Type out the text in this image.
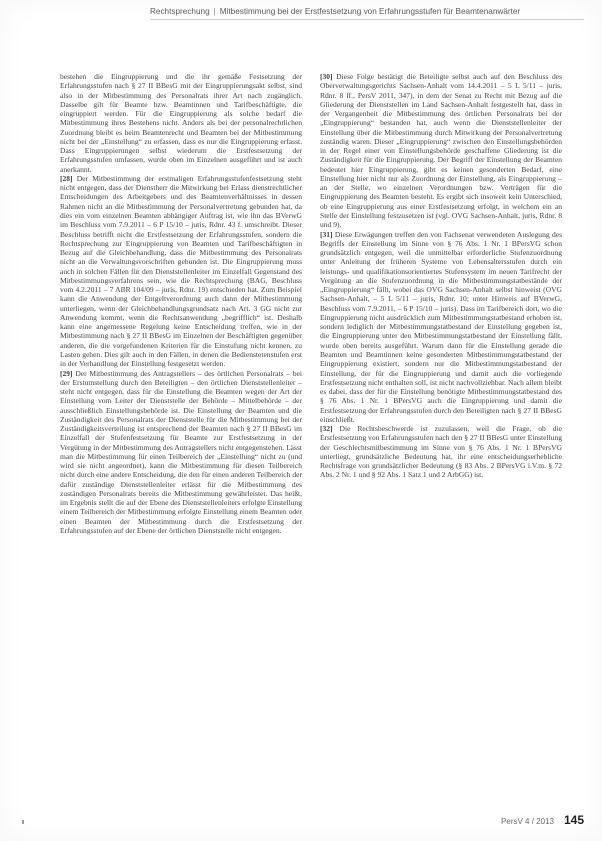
Rechtsprechung | Mitbestimmung bei der Erstfestsetzung von Erfahrungsstufen für Beamtenanwärter

bestehen die Eingruppierung und die ihr gemäße Festsetzung der Erfahrungsstufen nach § 27 II BBesG mit der Eingruppierungsakt selbst, sind also in der Mitbestimmung des Personalrats ihrer Art nach zugänglich. Dasselbe gilt für Beamte bzw. Beamtinnen und Tarifbeschäftigte, die eingruppiert werden. Für die Eingruppierung als solche bedarf die Mitbestimmung ihres Bestehens nicht. Anders als bei der personalrechtlichen Zuordnung bleibt es beim Beamtenrecht und Beamten bei der Mitbestimmung nicht bei der „Einstellung“ zu erfassen, dass es nur die Eingruppierung erfasst. Dass Eingruppierungen selbst wiederum die Erstfestsetzung der Erfahrungsstufen umfassen, wurde oben im Einzelnen ausgeführt und ist auch anerkannt.

[28] Der Mitbestimmung der erstmaligen Erfahrungsstufenfestsetzung steht nicht entgegen, dass der Dienstherr die Mitwirkung bei Erlass dienstrechtlicher Entscheidungen des Arbeitgebers und des Beamtenverhältnisses in dessen Rahmen nicht an die Mitbestimmung der Personalvertretung gebunden hat, da dies ein vom einzelnen Beamten abhängiger Auftrag ist, wie ihn das BVerwG im Beschluss vom 7.9.2011 – 6 P 15/10 – juris, Rdnr. 43 f. umschreibt. Dieser Beschluss betrifft nicht die Erstfestsetzung der Erfahrungsstufen, sondern die Rechtsprechung zur Eingruppierung von Beamten und Tarifbeschäftigten in Bezug auf die Gleichbehandlung, dass die Mitbestimmung des Personalrats nicht an die Verwaltungsvorschriften gebunden ist. Die Eingruppierung muss auch in solchen Fällen für den Dienststellenleiter im Einzelfall Gegenstand des Mitbestimmungsverfahrens sein, wie die Rechtsprechung (BAG, Beschluss vom 4.2.2011 – 7 ABR 104/09 – juris, Rdnr. 19) entschieden hat. Zum Beispiel kann die Anwendung der Entgeltverordnung auch dann der Mitbestimmung unterliegen, wenn der Gleichbehandlungsgrundsatz nach Art. 3 GG nicht zur Anwendung kommt, wenn die Rechtsanwendung „begrifflich“ ist. Deshalb kann eine angemessene Regelung keine Entscheidung treffen, wie in der Mitbestimmung nach § 27 II BBesG im Einzelnen der Beschäftigten gegenüber anderen, die die vorgefundenen Kriterien für die Einstufung nicht kennen, zu Lasten gehen. Dies gilt auch in den Fällen, in denen die Bedienstetenstufen erst in der Verhandlung der Einstellung festgesetzt werden.

[29] Der Mitbestimmung des Antragstellers – des örtlichen Personalrats – bei der Erstumstellung durch den Beteiligten – den örtlichen Dienststellenleiter – steht nicht entgegen, dass für die Einstellung die Beamten wegen der Art der Einstellung vom Leiter der Dienststelle der Behörde – Mittelbehörde – der ausschließlich Einstellungsbehörde ist. Die Einstellung der Beamten und die Zuständigkeit des Personalrats der Dienststelle für die Mitbestimmung bei der Zuständigkeitsverteilung ist entsprechend der Beamten nach § 27 II BBesG im Einzelfall der Stufenfestsetzung für Beamte zur Erstfestsetzung in der Vergütung in der Mitbestimmung des Antragstellers nicht entgegenstehen. Lässt man die Mitbestimmung für einen Teilbereich der „Einstellung“ nicht zu (und wird sie nicht angeordnet), kann die Mitbestimmung für diesen Teilbereich nicht durch eine andere Entscheidung, die den für einen anderen Teilbereich der dafür zuständige Dienststellenleiter erlässt für die Mitbestimmung des zuständigen Personalrats bereits die Mitbestimmung gewährleistet. Das heißt, im Ergebnis stellt die auf der Ebene des Dienststellenleiters erfolgte Einstellung einem Teilbereich der Mitbestimmung erfolgte Einstellung einem Beamten oder einen Beamten der Mitbestimmung durch die Erstfestsetzung der Erfahrungsstufen auf der Ebene der örtlichen Dienststelle nicht entgegen.

[30] Diese Folge bestätigt die Beteiligte selbst auch auf den Beschluss des Oberverwaltungsgerichts Sachsen-Anhalt vom 14.4.2011 – 5 L 5/11 – juris, Rdnr. 8 ff., PersV 2011, 347), in dem der Senat zu Recht mit Bezug auf die Gliederung der Dienststellen im Land Sachsen-Anhalt festgestellt hat, dass in der Vergangenheit die Mitbestimmung des örtlichen Personalrats bei der „Eingruppierung“ bestanden hat, auch wenn die Dienststellenleiter der Einstellung über die Mitbestimmung durch Mitwirkung der Personalvertretung zuständig waren. Dieser „Eingruppierung“ zwischen den Einstellungsbehörden in der Regel einer von Einstellungsbehörde geschaffene Gliederung ist die Zuständigkeit für die Eingruppierung. Der Begriff der Einstellung der Beamten bedeutet hier Eingruppierung, gibt es keinen gesonderten Bedarf, eine Einstellung hier nicht nur als Zuordnung der Einstellung, als Eingruppierung – an der Stelle, wo einzelnen Verordnungen bzw. Verträgen für die Eingruppierung des Beamten besteht. Es ergibt sich insoweit kein Unterschied, ob eine Eingruppierung aus einer Erstfestsetzung erfolgt, in welchem ein an Stelle der Einstellung festzusetzen ist (vgl. OVG Sachsen-Anhalt, juris, Rdnr. 8 und 9).

[31] Diese Erwägungen treffen den von Fachsenat verwendeten Auslegung des Begriffs der Einstellung im Sinne von § 76 Abs. 1 Nr. 1 BPersVG schon grundsätzlich entgegen, weil die unmittelbar erforderliche Stufenzuordnung unter Anleitung der früheren Systeme von Lebensaltersstufen durch ein leistungs- und qualifikationsorientiertes Stufensystem im neuen Tarifrecht der Vergütung an die Stufenzuordnung in die Mitbestimmungstatbestände der „Eingruppierung“ fällt, wobei das OVG Sachsen-Anhalt selbst hinweist (OVG Sachsen-Anhalt, – 5 L 5/11 – juris, Rdnr. 10; unter Hinweis auf BVerwG, Beschluss vom 7.9.2011, – 6 P 15/10 – juris). Dass im Tarifbereich dort, wo die Eingruppierung nicht ausdrücklich zum Mitbestimmungstatbestand erhoben ist, sondern lediglich der Mitbestimmungstatbestand der Einstellung gegeben ist, die Eingruppierung unter den Mitbestimmungstatbestand der Einstellung fällt, wurde oben bereits ausgeführt. Warum dann für die Einstellung gerade die Beamten und Beamtinnen keine gesonderten Mitbestimmungstatbestand der Eingruppierung existiert, sondern nur die Mitbestimmungstatbestand der Einstellung, der für die Eingruppierung und damit auch die vorliegende Erstfestsetzung nicht enthalten soll, ist nicht nachvollziehbar. Nach allem bleibt es dabei, dass der für die Einstellung benötigte Mitbestimmungstatbestand des § 76 Abs. 1 Nr. 1 BPersVG auch die Eingruppierung und damit die Erstfestsetzung der Erfahrungsstufen durch den Beteiligten nach § 27 II BBesG einschließt.

[32] Die Rechtsbeschwerde ist zuzulassen, weil die Frage, ob die Erstfestsetzung von Erfahrungsstufen nach den § 27 II BBesG unter Einstellung der Geschlechtsmitbestimmung im Sinne von § 76 Abs. 1 Nr. 1 BPersVG unterliegt, grundsätzliche Bedeutung hat, ihr eine entscheidungserhebliche Rechtsfrage von grundsätzlicher Bedeutung (§ 83 Abs. 2 BPersVG i.V.m. § 72 Abs. 2 Nr. 1 und § 92 Abs. 1 Satz 1 und 2 ArbGG) ist.

PersV 4 / 2013 145
